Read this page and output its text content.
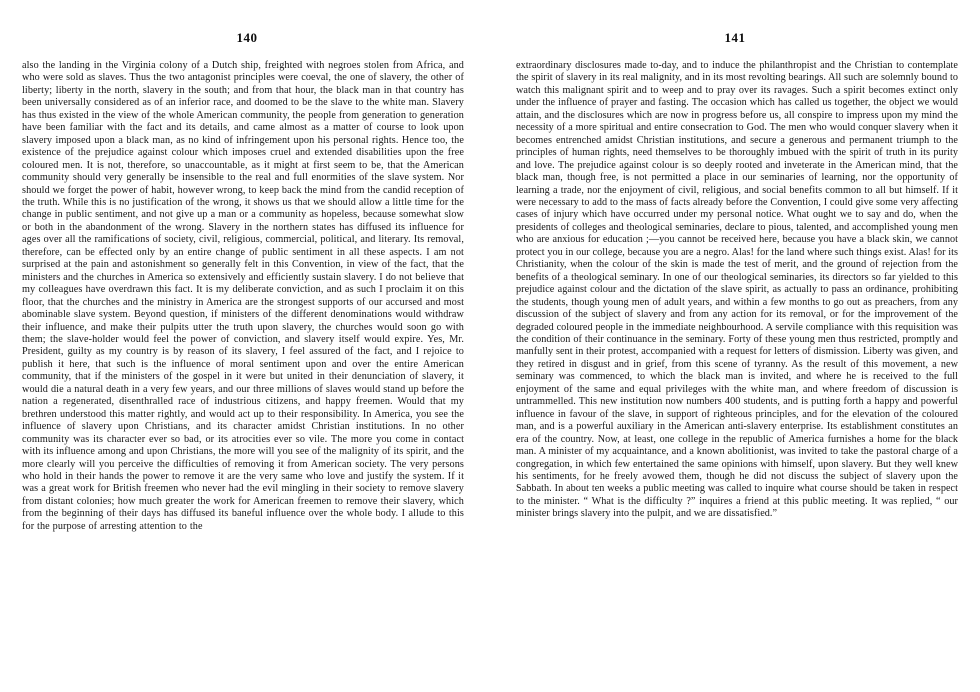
140

also the landing in the Virginia colony of a Dutch ship, freighted with negroes stolen from Africa, and who were sold as slaves. Thus the two antagonist principles were coeval, the one of slavery, the other of liberty; liberty in the north, slavery in the south; and from that hour, the black man in that country has been universally considered as of an inferior race, and doomed to be the slave to the white man. Slavery has thus existed in the view of the whole American community, the people from generation to generation have been familiar with the fact and its details, and came almost as a matter of course to look upon slavery imposed upon a black man, as no kind of infringement upon his personal rights. Hence too, the existence of the prejudice against colour which imposes cruel and extended disabilities upon the free coloured men. It is not, therefore, so unaccountable, as it might at first seem to be, that the American community should very generally be insensible to the real and full enormities of the slave system. Nor should we forget the power of habit, however wrong, to keep back the mind from the candid reception of the truth. While this is no justification of the wrong, it shows us that we should allow a little time for the change in public sentiment, and not give up a man or a community as hopeless, because somewhat slow or both in the abandonment of the wrong. Slavery in the northern states has diffused its influence for ages over all the ramifications of society, civil, religious, commercial, political, and literary. Its removal, therefore, can be effected only by an entire change of public sentiment in all these aspects. I am not surprised at the pain and astonishment so generally felt in this Convention, in view of the fact, that the ministers and the churches in America so extensively and efficiently sustain slavery. I do not believe that my colleagues have overdrawn this fact. It is my deliberate conviction, and as such I proclaim it on this floor, that the churches and the ministry in America are the strongest supports of our accursed and most abominable slave system. Beyond question, if ministers of the different denominations would withdraw their influence, and make their pulpits utter the truth upon slavery, the churches would soon go with them; the slave-holder would feel the power of conviction, and slavery itself would expire. Yes, Mr. President, guilty as my country is by reason of its slavery, I feel assured of the fact, and I rejoice to publish it here, that such is the influence of moral sentiment upon and over the entire American community, that if the ministers of the gospel in it were but united in their denunciation of slavery, it would die a natural death in a very few years, and our three millions of slaves would stand up before the nation a regenerated, disenthralled race of industrious citizens, and happy freemen. Would that my brethren understood this matter rightly, and would act up to their responsibility. In America, you see the influence of slavery upon Christians, and its character amidst Christian institutions. In no other community was its character ever so bad, or its atrocities ever so vile. The more you come in contact with its influence among and upon Christians, the more will you see of the malignity of its spirit, and the more clearly will you perceive the difficulties of removing it from American society. The very persons who hold in their hands the power to remove it are the very same who love and justify the system. If it was a great work for British freemen who never had the evil mingling in their society to remove slavery from distant colonies; how much greater the work for American freemen to remove their slavery, which from the beginning of their days has diffused its baneful influence over the whole body. I allude to this for the purpose of arresting attention to the

141

extraordinary disclosures made to-day, and to induce the philanthropist and the Christian to contemplate the spirit of slavery in its real malignity, and in its most revolting bearings. All such are solemnly bound to watch this malignant spirit and to weep and to pray over its ravages. Such a spirit becomes extinct only under the influence of prayer and fasting. The occasion which has called us together, the object we would attain, and the disclosures which are now in progress before us, all conspire to impress upon my mind the necessity of a more spiritual and entire consecration to God. The men who would conquer slavery when it becomes entrenched amidst Christian institutions, and secure a generous and permanent triumph to the principles of human rights, need themselves to be thoroughly imbued with the spirit of truth in its purity and love. The prejudice against colour is so deeply rooted and inveterate in the American mind, that the black man, though free, is not permitted a place in our seminaries of learning, nor the opportunity of learning a trade, nor the enjoyment of civil, religious, and social benefits common to all but himself. If it were necessary to add to the mass of facts already before the Convention, I could give some very affecting cases of injury which have occurred under my personal notice. What ought we to say and do, when the presidents of colleges and theological seminaries, declare to pious, talented, and accomplished young men who are anxious for education ;—you cannot be received here, because you have a black skin, we cannot protect you in our college, because you are a negro. Alas! for the land where such things exist. Alas! for its Christianity, when the colour of the skin is made the test of merit, and the ground of rejection from the benefits of a theological seminary. In one of our theological seminaries, its directors so far yielded to this prejudice against colour and the dictation of the slave spirit, as actually to pass an ordinance, prohibiting the students, though young men of adult years, and within a few months to go out as preachers, from any discussion of the subject of slavery and from any action for its removal, or for the improvement of the degraded coloured people in the immediate neighbourhood. A servile compliance with this requisition was the condition of their continuance in the seminary. Forty of these young men thus restricted, promptly and manfully sent in their protest, accompanied with a request for letters of dismission. Liberty was given, and they retired in disgust and in grief, from this scene of tyranny. As the result of this movement, a new seminary was commenced, to which the black man is invited, and where he is received to the full enjoyment of the same and equal privileges with the white man, and where freedom of discussion is untrammelled. This new institution now numbers 400 students, and is putting forth a happy and powerful influence in favour of the slave, in support of righteous principles, and for the elevation of the coloured man, and is a powerful auxiliary in the American anti-slavery enterprise. Its establishment constitutes an era of the country. Now, at least, one college in the republic of America furnishes a home for the black man. A minister of my acquaintance, and a known abolitionist, was invited to take the pastoral charge of a congregation, in which few entertained the same opinions with himself, upon slavery. But they well knew his sentiments, for he freely avowed them, though he did not discuss the subject of slavery upon the Sabbath. In about ten weeks a public meeting was called to inquire what course should be taken in respect to the minister. “ What is the difficulty ?” inquires a friend at this public meeting. It was replied, “ our minister brings slavery into the pulpit, and we are dissatisfied.”
